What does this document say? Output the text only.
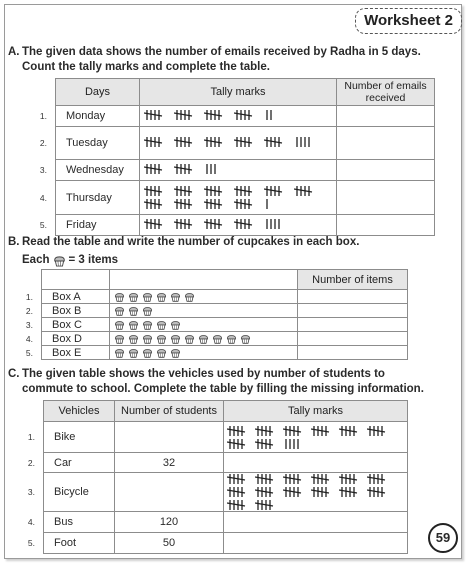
Worksheet 2
A. The given data shows the number of emails received by Radha in 5 days.
Count the tally marks and complete the table.
	Days	Tally marks	Number of emails received
1.	Monday	

2.	Tuesday	

3.	Wednesday	

4.	Thursday	

5.	Friday	

B. Read the table and write the number of cupcakes in each box.
Each = 3 items
			Number of items
1.	Box A	

2.	Box B	

3.	Box C	

4.	Box D	

5.	Box E	

C. The given table shows the vehicles used by number of students to
commute to school. Complete the table by filling the missing information.
	Vehicles	Number of students	Tally marks
1.	Bike		

2.	Car	32	
3.	Bicycle		

4.	Bus	120	
5.	Foot	50		59
